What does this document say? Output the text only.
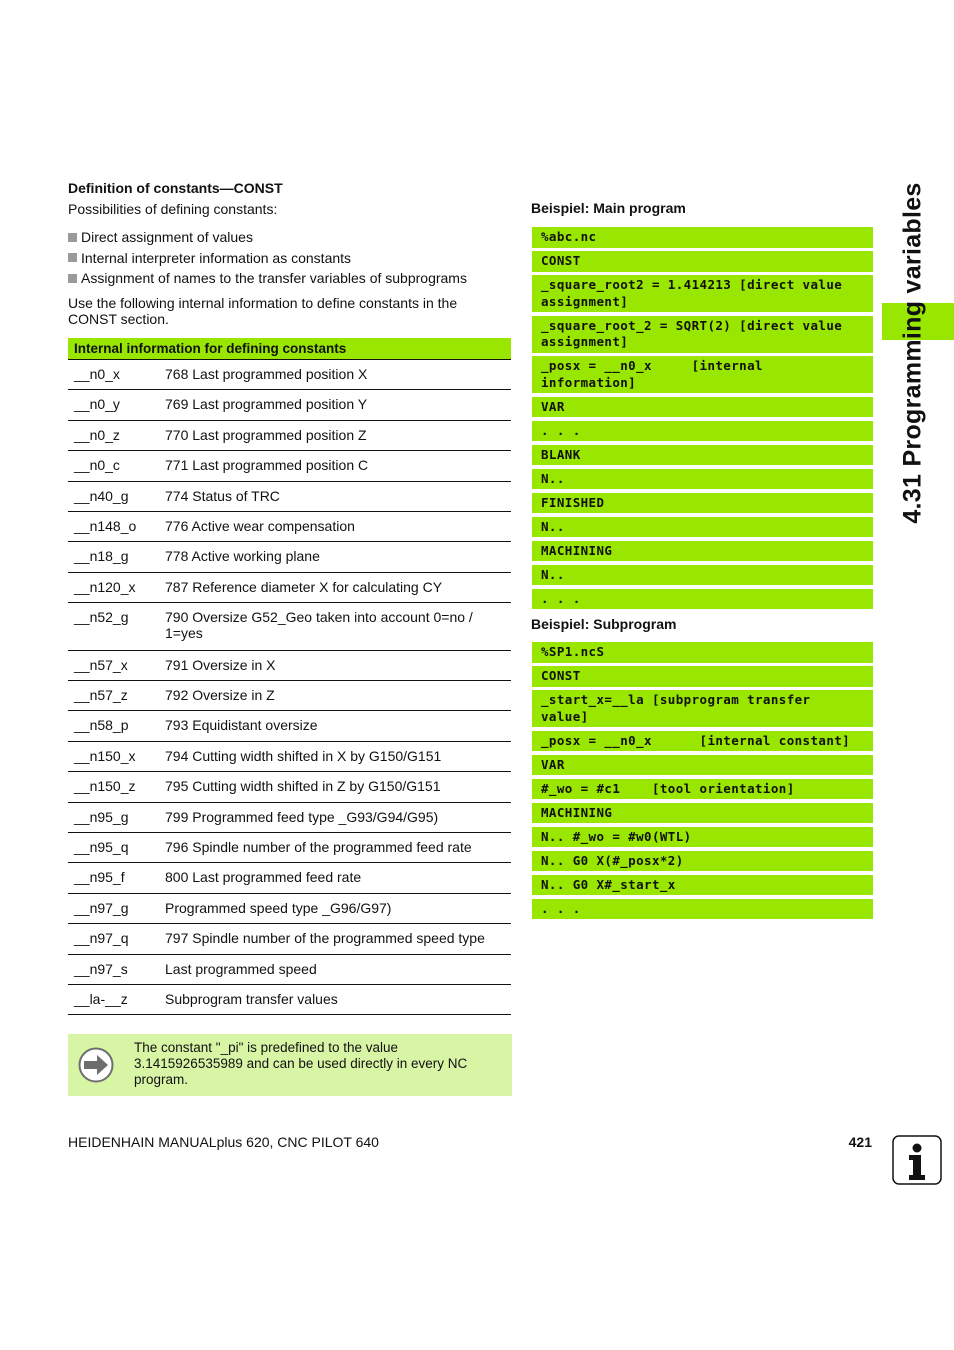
Definition of constants—CONST
Possibilities of defining constants:
Direct assignment of values
Internal interpreter information as constants
Assignment of names to the transfer variables of subprograms
Use the following internal information to define constants in the CONST section.
Internal information for defining constants	
__n0_x	768 Last programmed position X
__n0_y	769 Last programmed position Y
__n0_z	770 Last programmed position Z
__n0_c	771 Last programmed position C
__n40_g	774 Status of TRC
__n148_o	776 Active wear compensation
__n18_g	778 Active working plane
__n120_x	787 Reference diameter X for calculating CY
__n52_g	790 Oversize G52_Geo taken into account 0=no / 1=yes
__n57_x	791 Oversize in X
__n57_z	792 Oversize in Z
__n58_p	793 Equidistant oversize
__n150_x	794 Cutting width shifted in X by G150/G151
__n150_z	795 Cutting width shifted in Z by G150/G151
__n95_g	799 Programmed feed type _G93/G94/G95)
__n95_q	796 Spindle number of the programmed feed rate
__n95_f	800 Last programmed feed rate
__n97_g	Programmed speed type _G96/G97)
__n97_q	797 Spindle number of the programmed speed type
__n97_s	Last programmed speed
__la-__z	Subprogram transfer values
The constant "_pi" is predefined to the value 3.1415926535989 and can be used directly in every NC program.
Beispiel: Main program
%abc.nc
CONST
_square_root2 = 1.414213 [direct value assignment]
_square_root_2 = SQRT(2) [direct value assignment]
_posx = __n0_x     [internal information]
VAR
. . .
BLANK
N..
FINISHED
N..
MACHINING
N..
. . .
Beispiel: Subprogram
%SP1.ncS
CONST
_start_x=__la [subprogram transfer value]
_posx = __n0_x      [internal constant]
VAR
#_wo = #c1    [tool orientation]
MACHINING
N.. #_wo = #w0(WTL)
N.. G0 X(#_posx*2)
N.. G0 X#_start_x
. . .
4.31 Programming variables
HEIDENHAIN MANUALplus 620, CNC PILOT 640	421
